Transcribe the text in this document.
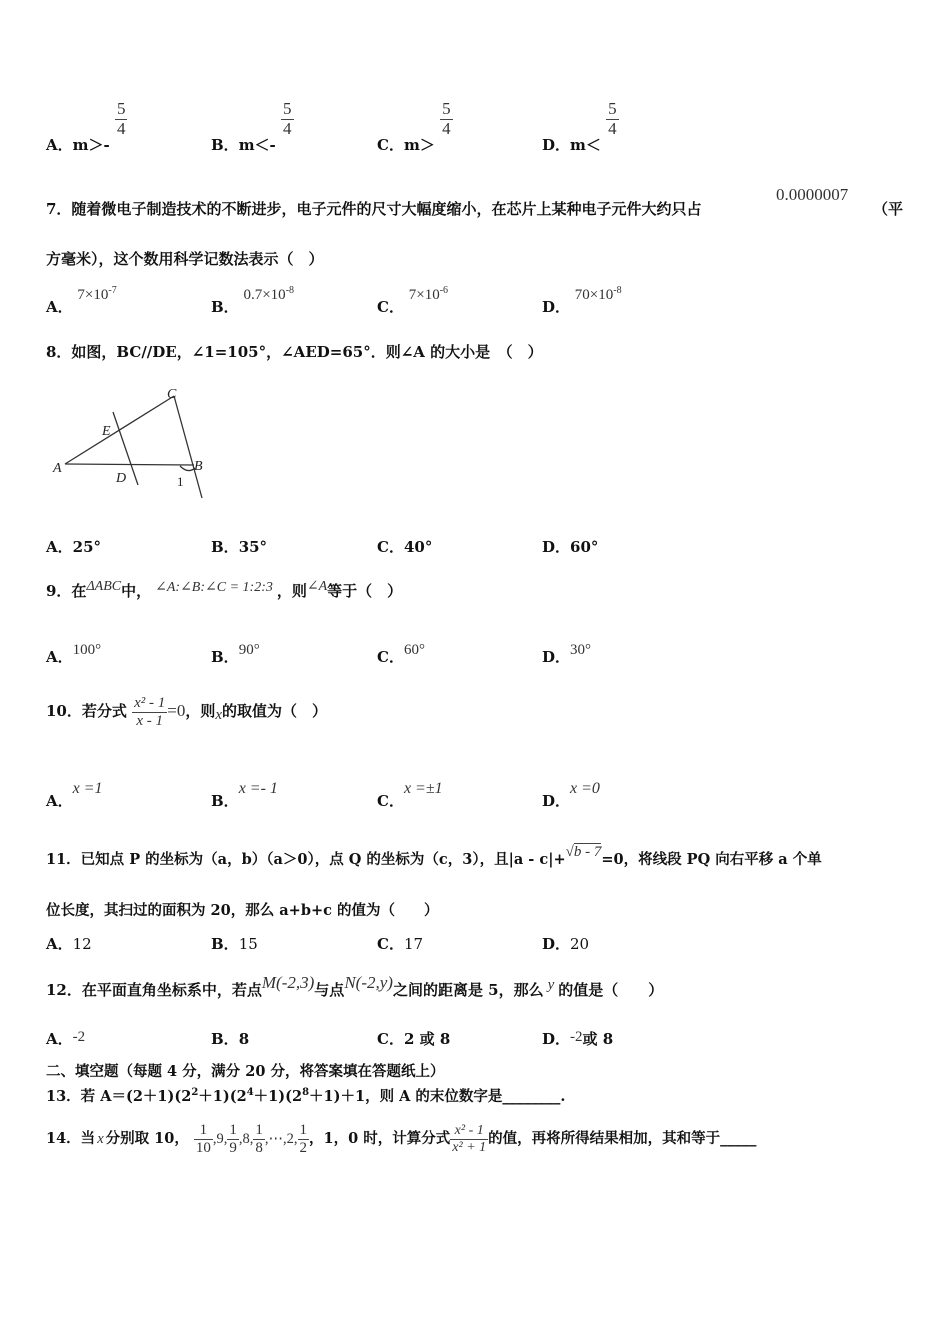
A．m＞-
$\frac{5}{4}$
B．m＜-
$\frac{5}{4}$
C．m＞
$\frac{5}{4}$
D．m＜
$\frac{5}{4}$
7．随着微电子制造技术的不断进步，电子元件的尺寸大幅度缩小，在芯片上某种电子元件大约只占
0.0000007
（平
方毫米），这个数用科学记数法表示（　）
A． $7\times 10^{-7}$
B． $0.7\times 10^{-8}$
C． $7\times 10^{-6}$
D． $70\times 10^{-8}$
8．如图，BC//DE，∠1=105°，∠AED=65°．则∠A 的大小是　（　）
A	B
C
D
E
1
A．25°	B．35°	C．40°	D．60°
9．在ΔABC中， ∠A:∠B:∠C = 1:2:3 ，则∠A等于（　）
A．100°	B．90°	C．60°	D．30°
10．若分式 $\frac{\text{x² - 1}}{x - 1} =0$，则x的取值为（　）
A．x =1
B．x =- 1
C．x =±1
D．x =0
11．已知点 P 的坐标为（a，b）（a＞0），点 Q 的坐标为（c，3），且|a - c|+√b - 7=0，将线段 PQ 向右平移 a 个单
位长度，其扫过的面积为 20，那么 a+b+c 的值为（　　）
A．12	B．15	C．17	D．20
12．在平面直角坐标系中，若点M(-2,3)与点N(-2,y)之间的距离是 5，那么 y 的值是（　　）
A．-2	B．8	C．2 或 8	D．-2或 8
二、填空题（每题 4 分，满分 20 分，将答案填在答题纸上）
13．若 $A=(2+1)(2^2+1)(2^4+1)(2^8+1)+1$，则 A 的末位数字是________.
14．当 x 分别取 10， $\frac{1}{10} ,9$, $\frac{1}{9} ,8$, $\frac{1}{8}$ ,⋯,2, $\frac{1}{2}$ ，1，0 时，计算分式 $\frac{\text{x² - 1}}{\text{x² + 1}}$ 的值，再将所得结果相加，其和等于_____
